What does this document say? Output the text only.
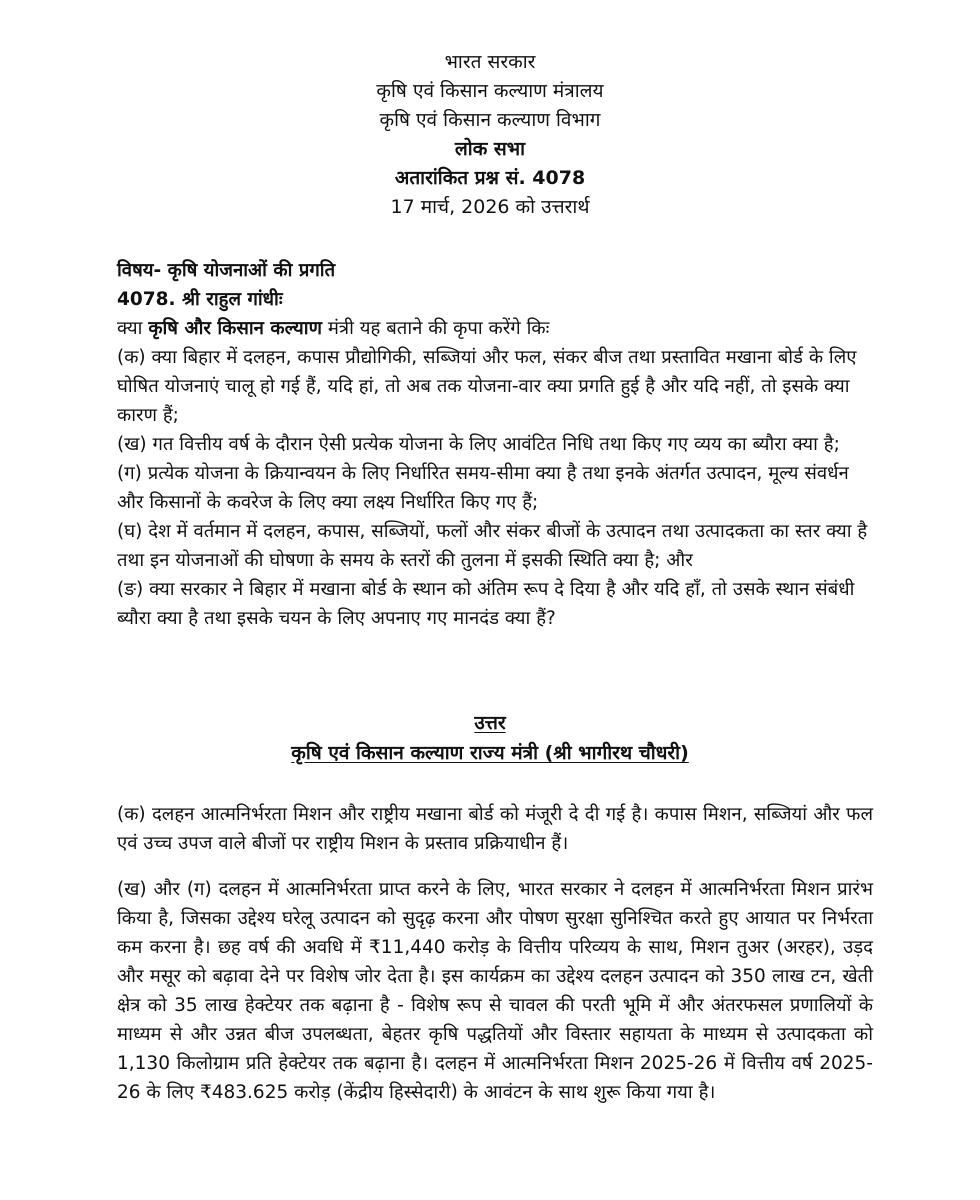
भारत सरकार
कृषि एवं किसान कल्याण मंत्रालय
कृषि एवं किसान कल्याण विभाग
लोक सभा
अतारांकित प्रश्न सं. 4078
17 मार्च, 2026 को उत्तरार्थ

विषय- कृषि योजनाओं की प्रगति

4078. श्री राहुल गांधीः

क्या कृषि और किसान कल्याण मंत्री यह बताने की कृपा करेंगे किः

(क) क्या बिहार में दलहन, कपास प्रौद्योगिकी, सब्जियां और फल, संकर बीज तथा प्रस्तावित मखाना बोर्ड के लिए घोषित योजनाएं चालू हो गई हैं, यदि हां, तो अब तक योजना-वार क्या प्रगति हुई है और यदि नहीं, तो इसके क्या कारण हैं;

(ख) गत वित्तीय वर्ष के दौरान ऐसी प्रत्येक योजना के लिए आवंटित निधि तथा किए गए व्यय का ब्यौरा क्या है;

(ग) प्रत्येक योजना के क्रियान्वयन के लिए निर्धारित समय-सीमा क्या है तथा इनके अंतर्गत उत्पादन, मूल्य संवर्धन और किसानों के कवरेज के लिए क्या लक्ष्य निर्धारित किए गए हैं;

(घ) देश में वर्तमान में दलहन, कपास, सब्जियों, फलों और संकर बीजों के उत्पादन तथा उत्पादकता का स्तर क्या है तथा इन योजनाओं की घोषणा के समय के स्तरों की तुलना में इसकी स्थिति क्या है; और

(ङ) क्या सरकार ने बिहार में मखाना बोर्ड के स्थान को अंतिम रूप दे दिया है और यदि हाँ, तो उसके स्थान संबंधी ब्यौरा क्या है तथा इसके चयन के लिए अपनाए गए मानदंड क्या हैं?

उत्तर
कृषि एवं किसान कल्याण राज्य मंत्री (श्री भागीरथ चौधरी)

(क) दलहन आत्मनिर्भरता मिशन और राष्ट्रीय मखाना बोर्ड को मंजूरी दे दी गई है। कपास मिशन, सब्जियां और फल एवं उच्च उपज वाले बीजों पर राष्ट्रीय मिशन के प्रस्ताव प्रक्रियाधीन हैं।

(ख) और (ग) दलहन में आत्मनिर्भरता प्राप्त करने के लिए, भारत सरकार ने दलहन में आत्मनिर्भरता मिशन प्रारंभ किया है, जिसका उद्देश्य घरेलू उत्पादन को सुदृढ़ करना और पोषण सुरक्षा सुनिश्चित करते हुए आयात पर निर्भरता कम करना है। छह वर्ष की अवधि में ₹11,440 करोड़ के वित्तीय परिव्यय के साथ, मिशन तुअर (अरहर), उड़द और मसूर को बढ़ावा देने पर विशेष जोर देता है। इस कार्यक्रम का उद्देश्य दलहन उत्पादन को 350 लाख टन, खेती क्षेत्र को 35 लाख हेक्टेयर तक बढ़ाना है - विशेष रूप से चावल की परती भूमि में और अंतरफसल प्रणालियों के माध्यम से और उन्नत बीज उपलब्धता, बेहतर कृषि पद्धतियों और विस्तार सहायता के माध्यम से उत्पादकता को 1,130 किलोग्राम प्रति हेक्टेयर तक बढ़ाना है। दलहन में आत्मनिर्भरता मिशन 2025-26 में वित्तीय वर्ष 2025-26 के लिए ₹483.625 करोड़ (केंद्रीय हिस्सेदारी) के आवंटन के साथ शुरू किया गया है।
